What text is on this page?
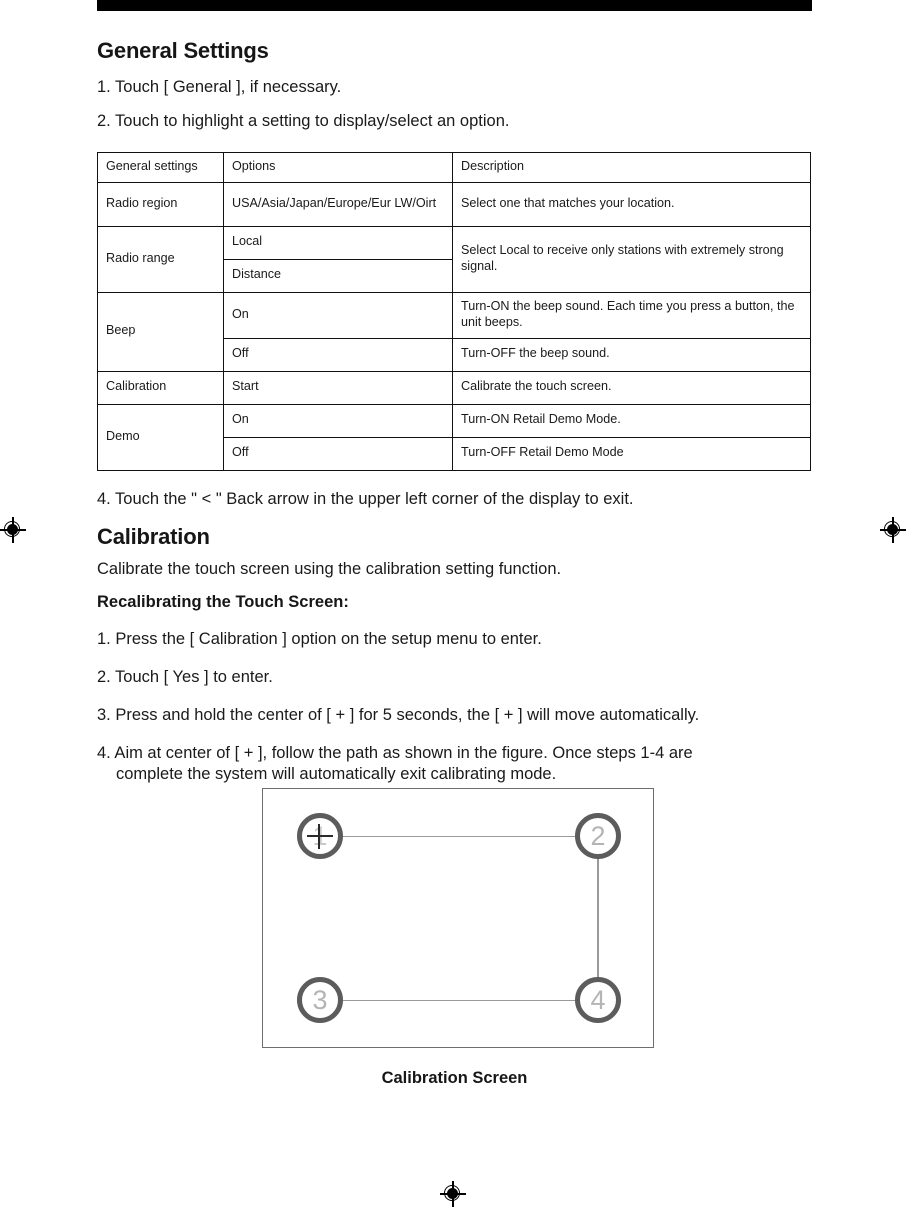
General Settings

1. Touch [ General ], if necessary.

2. Touch to highlight a setting to display/select an option.

General settings	Options	Description
Radio region	USA/Asia/Japan/Europe/Eur LW/Oirt	Select one that matches your location.
Radio range	Local	Select Local to receive only stations with extremely strong signal.
	Distance	
Beep	On	Turn-ON the beep sound. Each time you press a button, the unit beeps.
	Off	Turn-OFF the beep sound.
Calibration	Start	Calibrate the touch screen.
Demo	On	Turn-ON Retail Demo Mode.
	Off	Turn-OFF Retail Demo Mode

4. Touch the " < " Back arrow in the upper left corner of the display to exit.

Calibration

Calibrate the touch screen using the calibration setting function.

Recalibrating the Touch Screen:

1. Press the [ Calibration ] option on the setup menu to enter.

2. Touch [ Yes ] to enter.

3. Press and hold the center of [ + ] for 5 seconds, the [ + ] will move automatically.

4. Aim at center of [ + ], follow the path as shown in the figure. Once steps 1-4 are
complete the system will automatically exit calibrating mode.

2
3	4
Calibration Screen
